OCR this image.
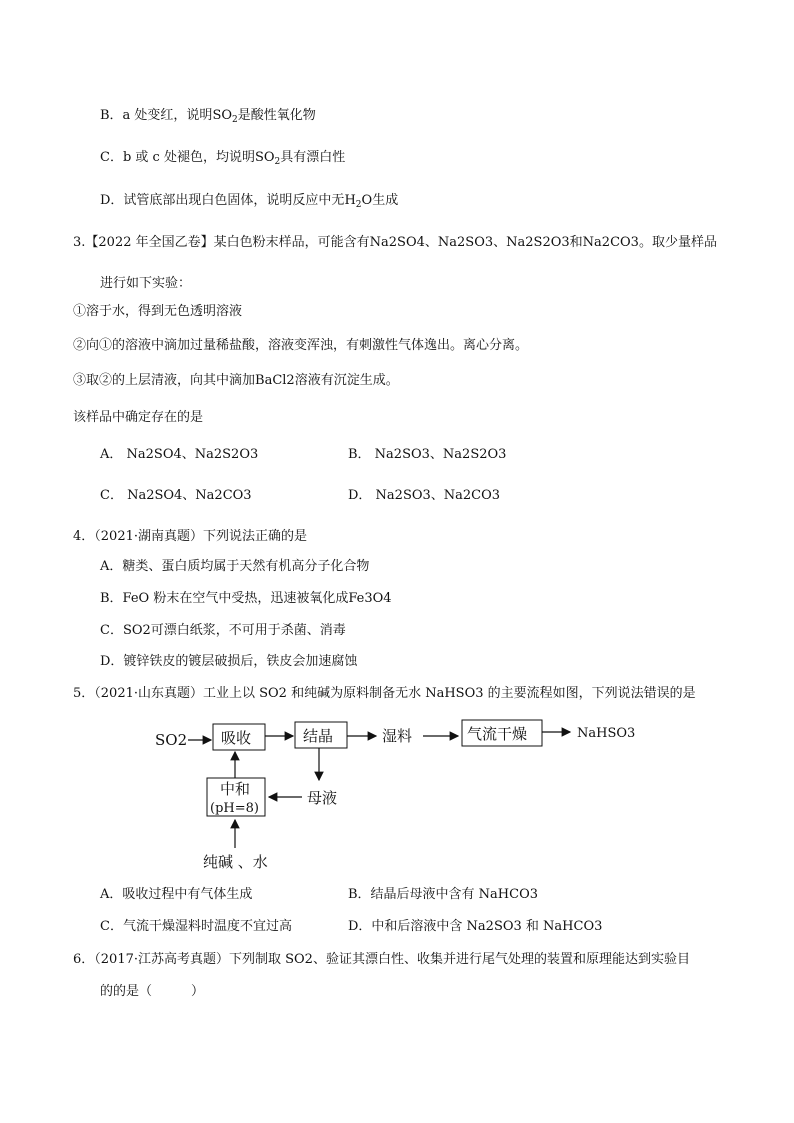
B．a 处变红，说明$SO_2$是酸性氧化物
C．b 或 c 处褪色，均说明$SO_2$具有漂白性
D．试管底部出现白色固体，说明反应中无$H_2O$生成
3.【2022 年全国乙卷】某白色粉末样品，可能含有Na2SO4、Na2SO3、Na2S2O3和Na2CO3。取少量样品
进行如下实验：
①溶于水，得到无色透明溶液
②向①的溶液中滴加过量稀盐酸，溶液变浑浊，有刺激性气体逸出。离心分离。
③取②的上层清液，向其中滴加BaCl2溶液有沉淀生成。
该样品中确定存在的是
A． Na2SO4、Na2S2O3	B． Na2SO3、Na2S2O3
C． Na2SO4、Na2CO3	D． Na2SO3、Na2CO3
4．（2021·湖南真题）下列说法正确的是
A．糖类、蛋白质均属于天然有机高分子化合物
B．FeO 粉末在空气中受热，迅速被氧化成Fe3O4
C．SO2可漂白纸浆，不可用于杀菌、消毒
D．镀锌铁皮的镀层破损后，铁皮会加速腐蚀
5．（2021·山东真题）工业上以 SO2 和纯碱为原料制备无水 NaHSO3 的主要流程如图，下列说法错误的是
SO2 吸收	结晶	湿料	气流干燥	NaHSO3
中和
(pH=8)
母液
纯碱 、水
A．吸收过程中有气体生成	B．结晶后母液中含有 NaHCO3
C．气流干燥湿料时温度不宜过高	D．中和后溶液中含 Na2SO3 和 NaHCO3
6．（2017·江苏高考真题）下列制取 SO2、验证其漂白性、收集并进行尾气处理的装置和原理能达到实验目
的的是（　　　）
